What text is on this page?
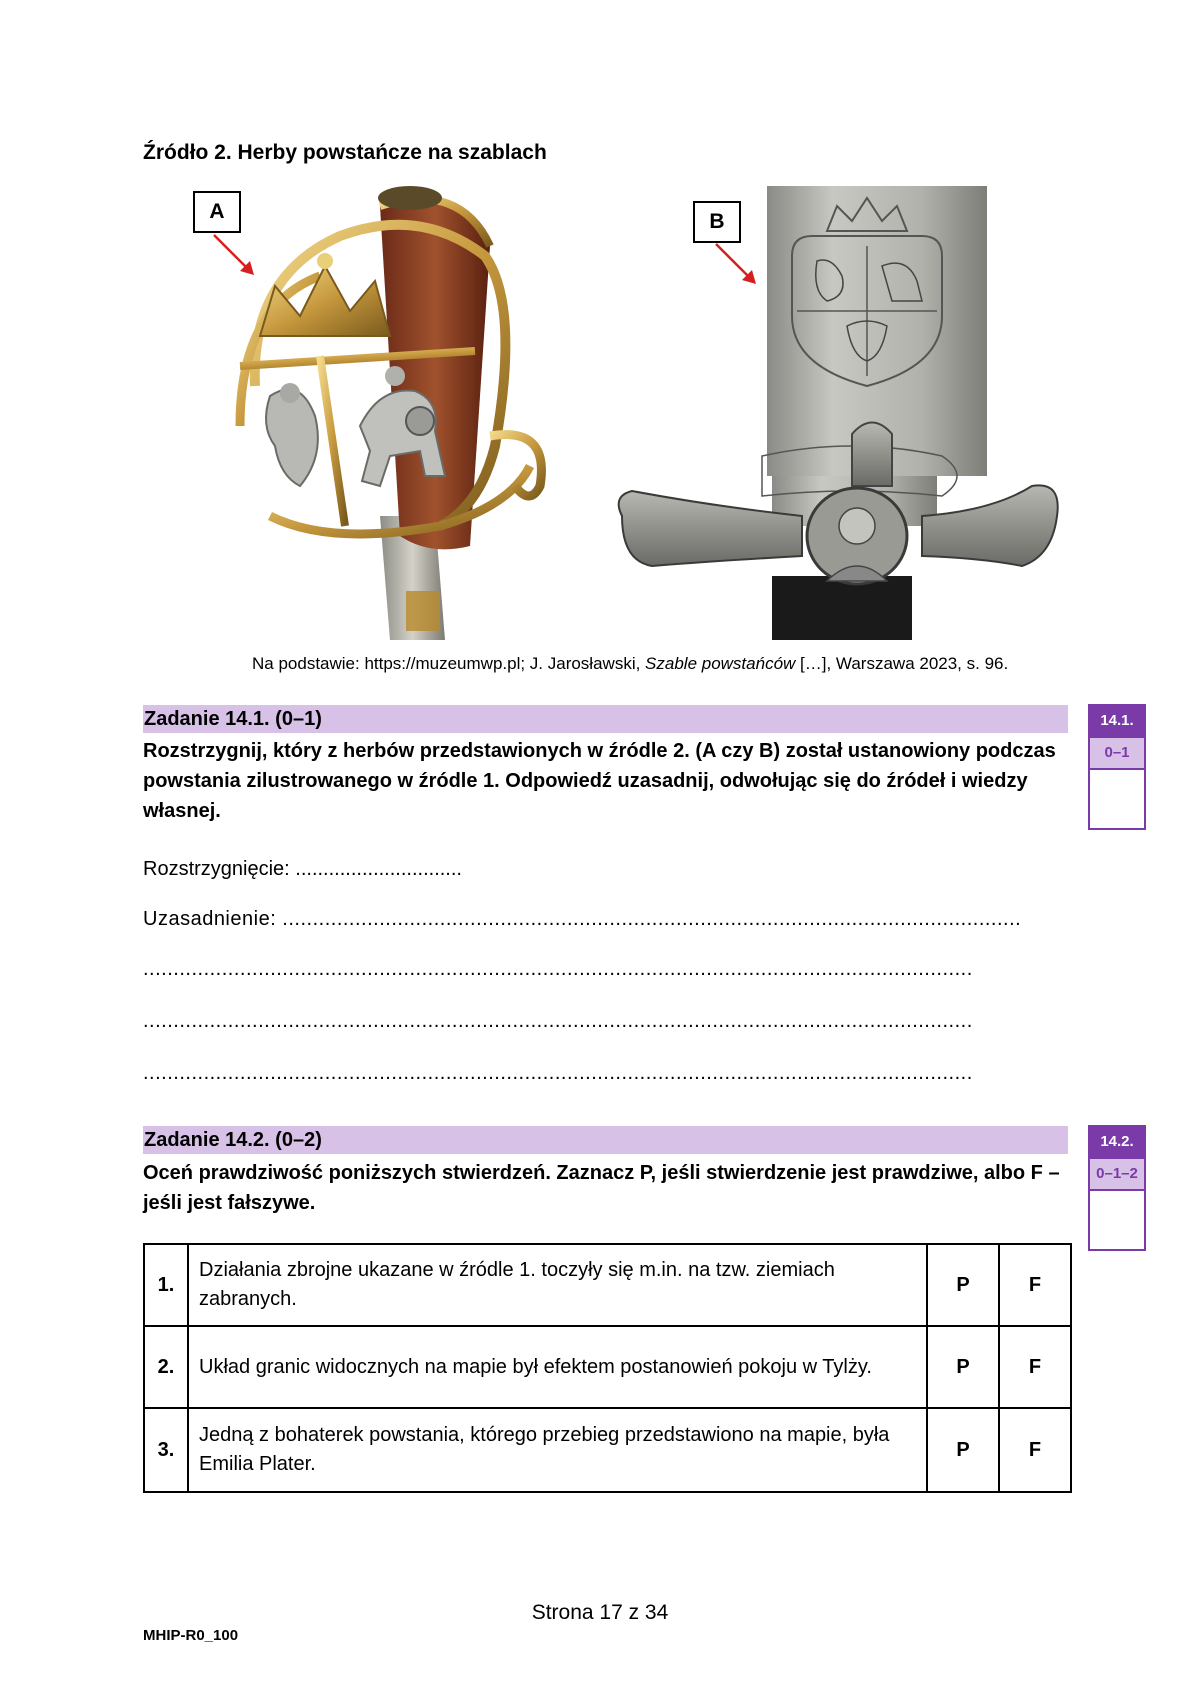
Źródło 2. Herby powstańcze na szablach
A	B
Na podstawie: https://muzeumwp.pl; J. Jarosławski, Szable powstańców […], Warszawa 2023, s. 96.
Zadanie 14.1. (0–1)
Rozstrzygnij, który z herbów przedstawionych w źródle 2. (A czy B) został ustanowiony podczas powstania zilustrowanego w źródle 1. Odpowiedź uzasadnij, odwołując się do źródeł i wiedzy własnej.
14.1.
0–1
Rozstrzygnięcie: ..............................
Uzasadnienie: ..........................................................................................................................
.........................................................................................................................................
.........................................................................................................................................
.........................................................................................................................................
Zadanie 14.2. (0–2)
Oceń prawdziwość poniższych stwierdzeń. Zaznacz P, jeśli stwierdzenie jest prawdziwe, albo F – jeśli jest fałszywe.
14.2.
0–1–2
1.	Działania zbrojne ukazane w źródle 1. toczyły się m.in. na tzw. ziemiach zabranych.	P	F
2.	Układ granic widocznych na mapie był efektem postanowień pokoju w Tylży.	P	F
3.	Jedną z bohaterek powstania, którego przebieg przedstawiono na mapie, była Emilia Plater.	P	F
Strona 17 z 34
MHIP-R0_100
